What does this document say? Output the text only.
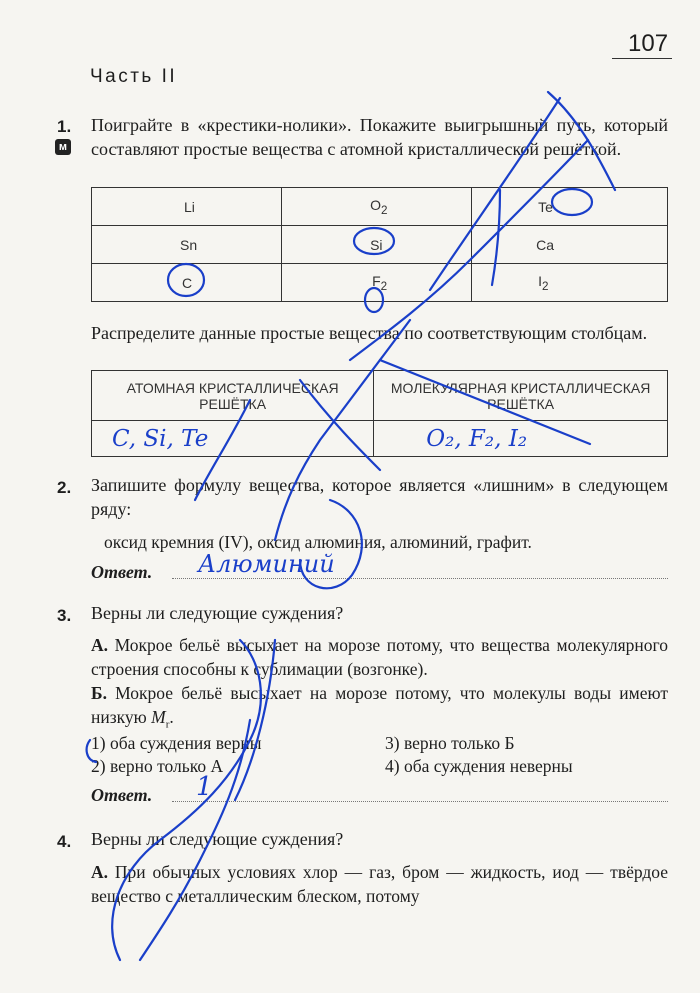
107
Часть II
1.
м
Поиграйте в «крестики-нолики». Покажите выигрышный путь, который составляют простые вещества с атомной кристаллической решёткой.
Li	$O_2$	Te
Sn	Si	Ca
C	$F_2$	$I_2$
Распределите данные простые вещества по соответствующим столбцам.
АТОМНАЯ КРИСТАЛЛИЧЕСКАЯ РЕШЁТКА	МОЛЕКУЛЯРНАЯ КРИСТАЛЛИЧЕСКАЯ РЕШЁТКА
C, Si, Te	O₂, F₂, I₂
2. Запишите формулу вещества, которое является «лишним» в следующем ряду:
оксид кремния (IV), оксид алюминия, алюминий, графит.
Ответ. Алюминий
3. Верны ли следующие суждения?
А. Мокрое бельё высыхает на морозе потому, что вещества молекулярного строения способны к сублимации (возгонке).
Б. Мокрое бельё высыхает на морозе потому, что молекулы воды имеют низкую $M_r$.
1) оба суждения верны
2) верно только А
3) верно только Б
4) оба суждения неверны
Ответ. 1
4. Верны ли следующие суждения?
А. При обычных условиях хлор — газ, бром — жидкость, иод — твёрдое вещество с металлическим блеском, потому
